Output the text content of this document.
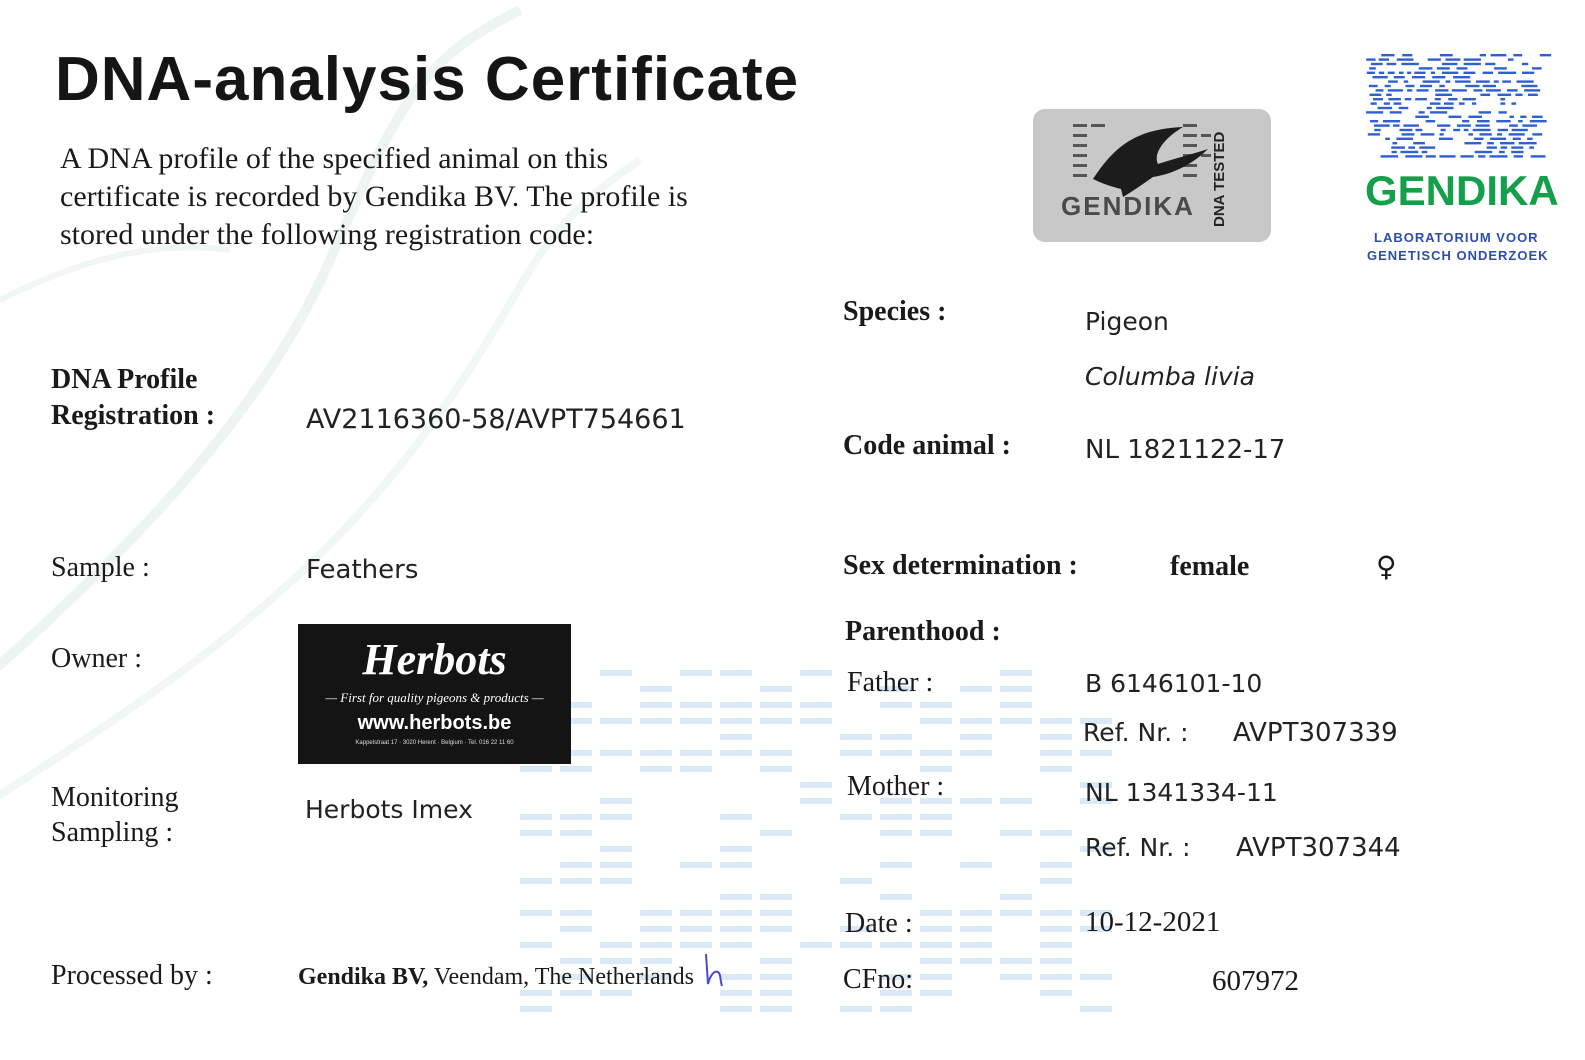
DNA-analysis Certificate
A DNA profile of the specified animal on this certificate is recorded by Gendika BV. The profile is stored under the following registration code:
GENDIKA DNA TESTED	GENDIKA
LABORATORIUM VOOR
GENETISCH ONDERZOEK
DNA Profile
Registration :	AV2116360-58/AVPT754661
Sample :	Feathers
Owner :	Herbots
— First for quality pigeons & products —
www.herbots.be
Kappelstraat 17 · 3020 Herent · Belgium · Tel. 016 22 11 60
Monitoring
Sampling :
Herbots Imex
Processed by :	Gendika BV, Veendam, The Netherlands
Species :	Pigeon
Columba livia
Code animal :	NL 1821122-17
Sex determination :	female	♀
Parenthood :
Father :	B 6146101-10
Ref. Nr. : AVPT307339
Mother :	NL 1341334-11
Ref. Nr. : AVPT307344
Date :	10-12-2021
CFno:	607972
